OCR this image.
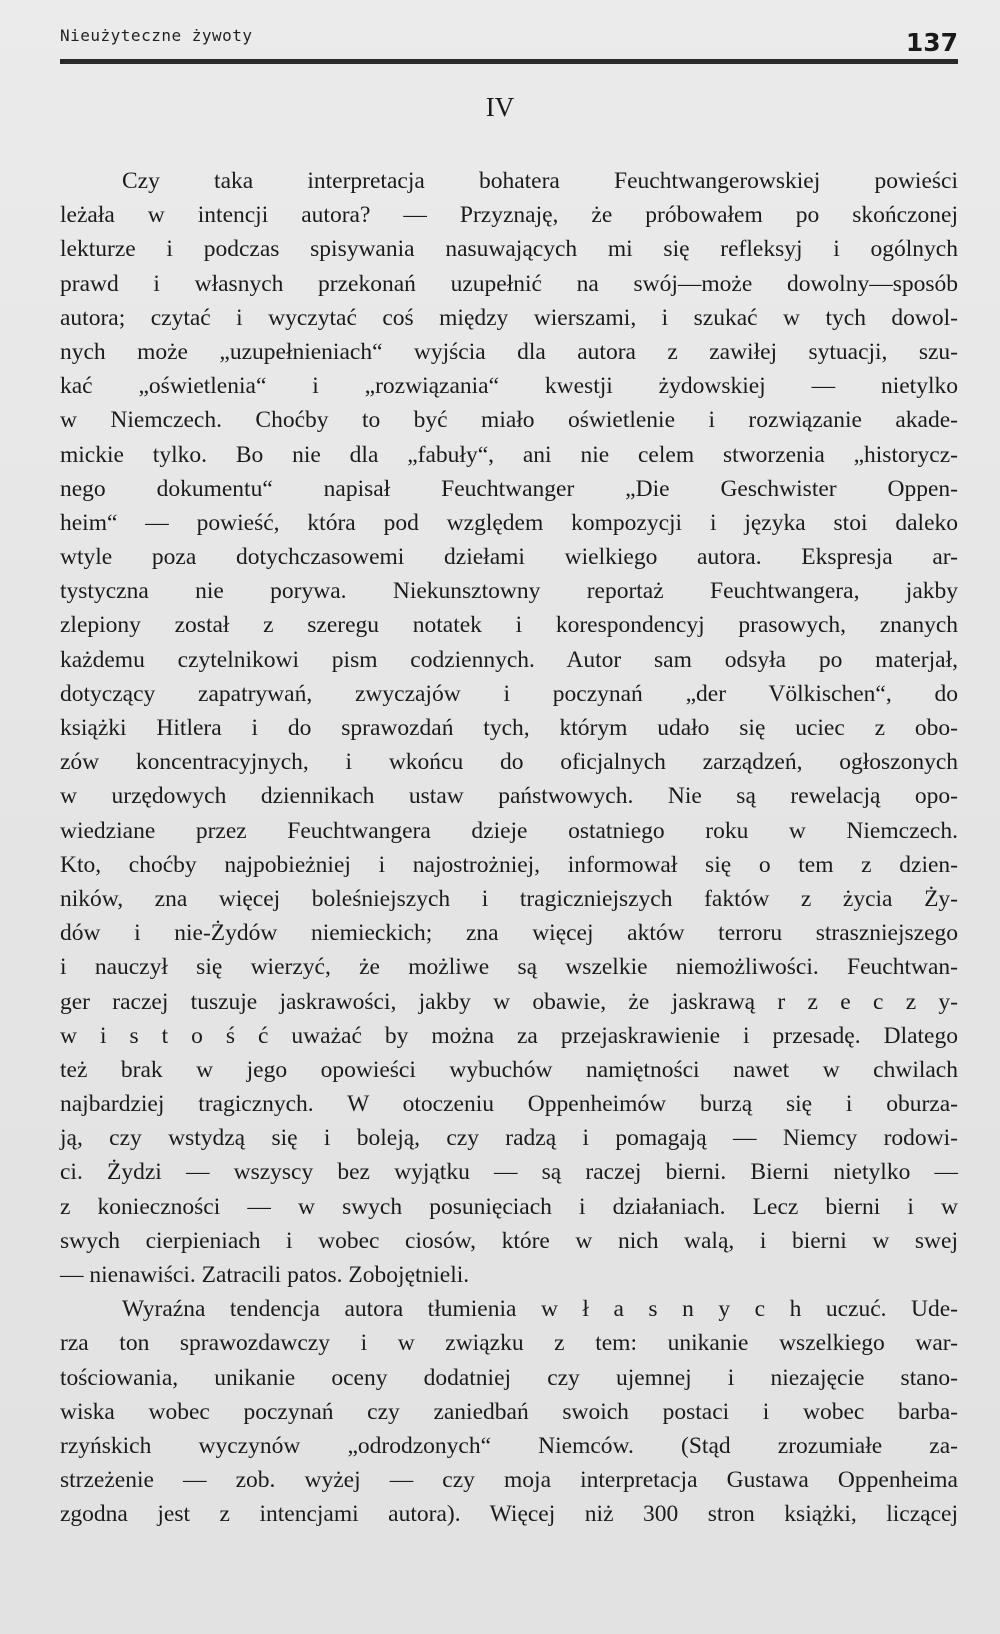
Nieużyteczne żywoty	137
IV
Czy taka interpretacja bohatera Feuchtwangerowskiej powieści
leżała w intencji autora? — Przyznaję, że próbowałem po skończonej
lekturze i podczas spisywania nasuwających mi się refleksyj i ogólnych
prawd i własnych przekonań uzupełnić na swój—może dowolny—sposób
autora; czytać i wyczytać coś między wierszami, i szukać w tych dowol-
nych może „uzupełnieniach“ wyjścia dla autora z zawiłej sytuacji, szu-
kać „oświetlenia“ i „rozwiązania“ kwestji żydowskiej — nietylko
w Niemczech. Choćby to być miało oświetlenie i rozwiązanie akade-
mickie tylko. Bo nie dla „fabuły“, ani nie celem stworzenia „historycz-
nego dokumentu“ napisał Feuchtwanger „Die Geschwister Oppen-
heim“ — powieść, która pod względem kompozycji i języka stoi daleko
wtyle poza dotychczasowemi dziełami wielkiego autora. Ekspresja ar-
tystyczna nie porywa. Niekunsztowny reportaż Feuchtwangera, jakby
zlepiony został z szeregu notatek i korespondencyj prasowych, znanych
każdemu czytelnikowi pism codziennych. Autor sam odsyła po materjał,
dotyczący zapatrywań, zwyczajów i poczynań „der Völkischen“, do
książki Hitlera i do sprawozdań tych, którym udało się uciec z obo-
zów koncentracyjnych, i wkońcu do oficjalnych zarządzeń, ogłoszonych
w urzędowych dziennikach ustaw państwowych. Nie są rewelacją opo-
wiedziane przez Feuchtwangera dzieje ostatniego roku w Niemczech.
Kto, choćby najpobieżniej i najostrożniej, informował się o tem z dzien-
ników, zna więcej boleśniejszych i tragiczniejszych faktów z życia Ży-
dów i nie-Żydów niemieckich; zna więcej aktów terroru straszniejszego
i nauczył się wierzyć, że możliwe są wszelkie niemożliwości. Feuchtwan-
ger raczej tuszuje jaskrawości, jakby w obawie, że jaskrawą r z e c z y-
w i s t o ś ć uważać by można za przejaskrawienie i przesadę. Dlatego
też brak w jego opowieści wybuchów namiętności nawet w chwilach
najbardziej tragicznych. W otoczeniu Oppenheimów burzą się i oburza-
ją, czy wstydzą się i boleją, czy radzą i pomagają — Niemcy rodowi-
ci. Żydzi — wszyscy bez wyjątku — są raczej bierni. Bierni nietylko —
z konieczności — w swych posunięciach i działaniach. Lecz bierni i w
swych cierpieniach i wobec ciosów, które w nich walą, i bierni w swej
— nienawiści. Zatracili patos. Zobojętnieli.
Wyraźna tendencja autora tłumienia w ł a s n y c h uczuć. Ude-
rza ton sprawozdawczy i w związku z tem: unikanie wszelkiego war-
tościowania, unikanie oceny dodatniej czy ujemnej i niezajęcie stano-
wiska wobec poczynań czy zaniedbań swoich postaci i wobec barba-
rzyńskich wyczynów „odrodzonych“ Niemców. (Stąd zrozumiałe za-
strzeżenie — zob. wyżej — czy moja interpretacja Gustawa Oppenheima
zgodna jest z intencjami autora). Więcej niż 300 stron książki, liczącej
